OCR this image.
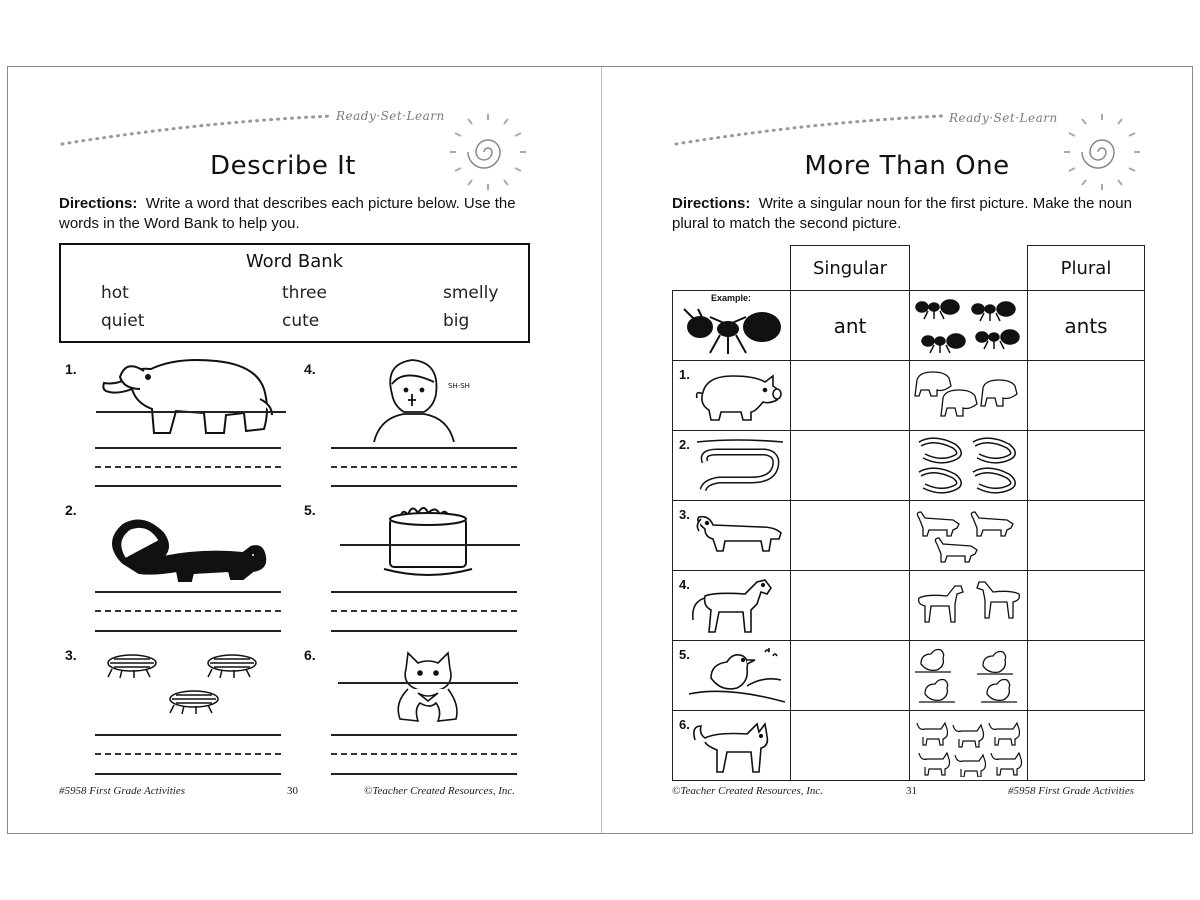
Ready·Set·Learn
Describe It
Directions: Write a word that describes each picture below. Use the words in the Word Bank to help you.
Word Bank
hot	three	smelly
quiet	cute	big
1.
2.
3.
4.
SH-SH
5.
6.
#5958 First Grade Activities	30	©Teacher Created Resources, Inc.
Ready·Set·Learn
More Than One
Directions: Write a singular noun for the first picture. Make the noun plural to match the second picture.
	Singular		Plural

Example:	ant		ants

1.

2.

3.

4.

5.

6.

©Teacher Created Resources, Inc.	31	#5958 First Grade Activities
